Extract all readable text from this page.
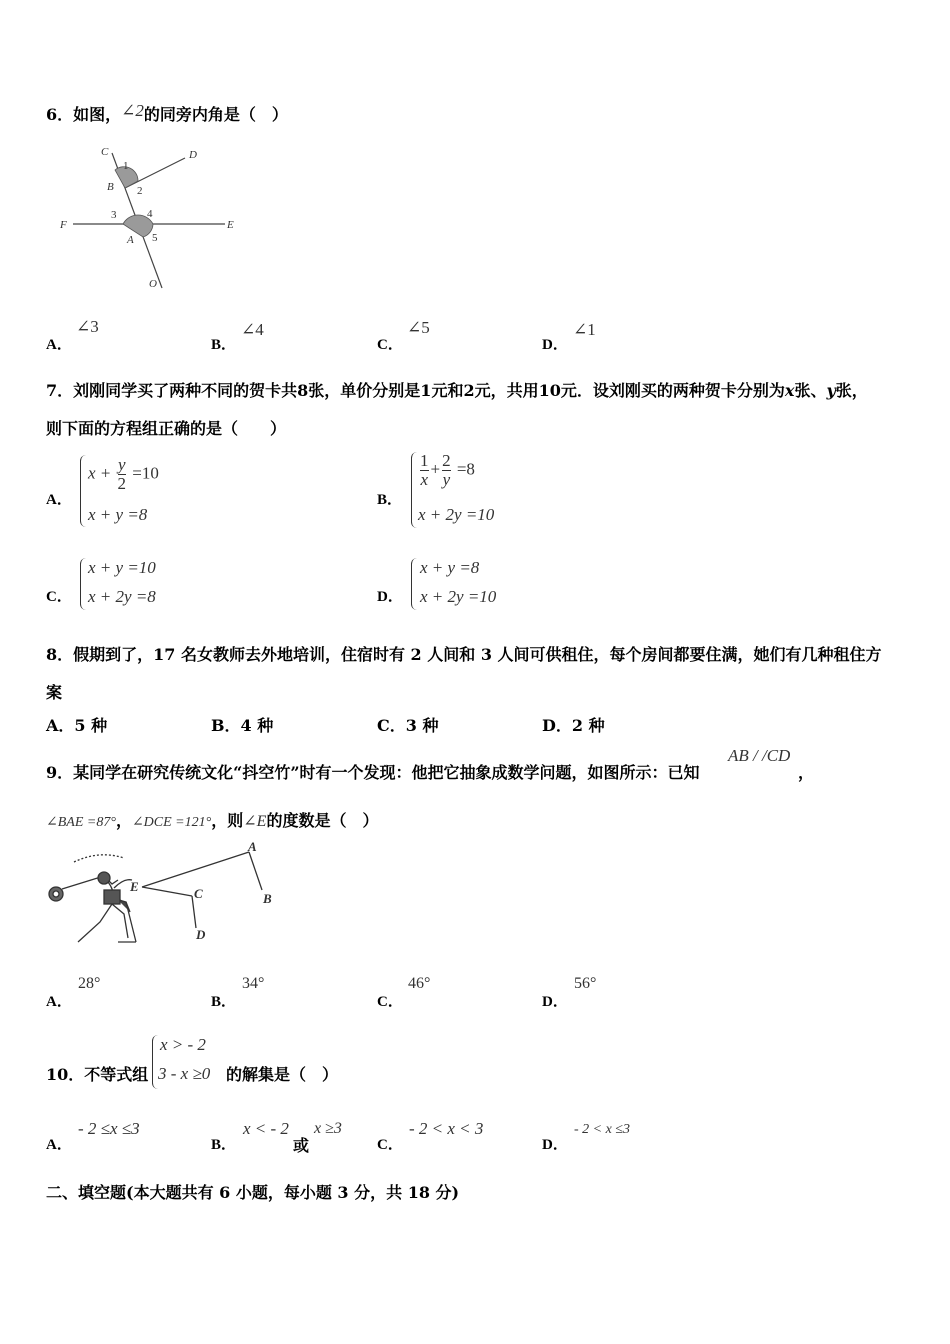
6．如图，∠2的同旁内角是（　）
C	D
1
B 2
3	4
F
A 5
E
O
A．
∠3
B．
∠4
C．
∠5
D．
∠1
7．刘刚同学买了两种不同的贺卡共8张，单价分别是1元和2元，共用10元．设刘刚买的两种贺卡分别为x张、y张，
则下面的方程组正确的是（　　）
A．
$x + \frac{y}{2} =10$
x + y =8
B．
$\frac{1}{x} + \frac{2}{y} =8$
x + 2y =10
C．
x + y =10
x + 2y =8	D．
x + y =8
x + 2y =10
8．假期到了，17 名女教师去外地培训，住宿时有 2 人间和 3 人间可供租住，每个房间都要住满，她们有几种租住方
案
A．5 种	B．4 种	C．3 种	D．2 种
9．某同学在研究传统文化“抖空竹”时有一个发现：他把它抽象成数学问题，如图所示：已知
AB / /CD
，
∠BAE =87°，∠DCE =121°，则∠E的度数是（　）
A
E	C	B
D
A．
28°
B．
34°
C．
46°
D．
56°
10．不等式组
x > - 2
3 - x ≥0 的解集是（　）
A．
- 2 ≤x ≤3
B．
x < - 2
或
x ≥3
C．
- 2 < x < 3
D．
- 2 < x ≤3
二、填空题(本大题共有 6 小题，每小题 3 分，共 18 分)
